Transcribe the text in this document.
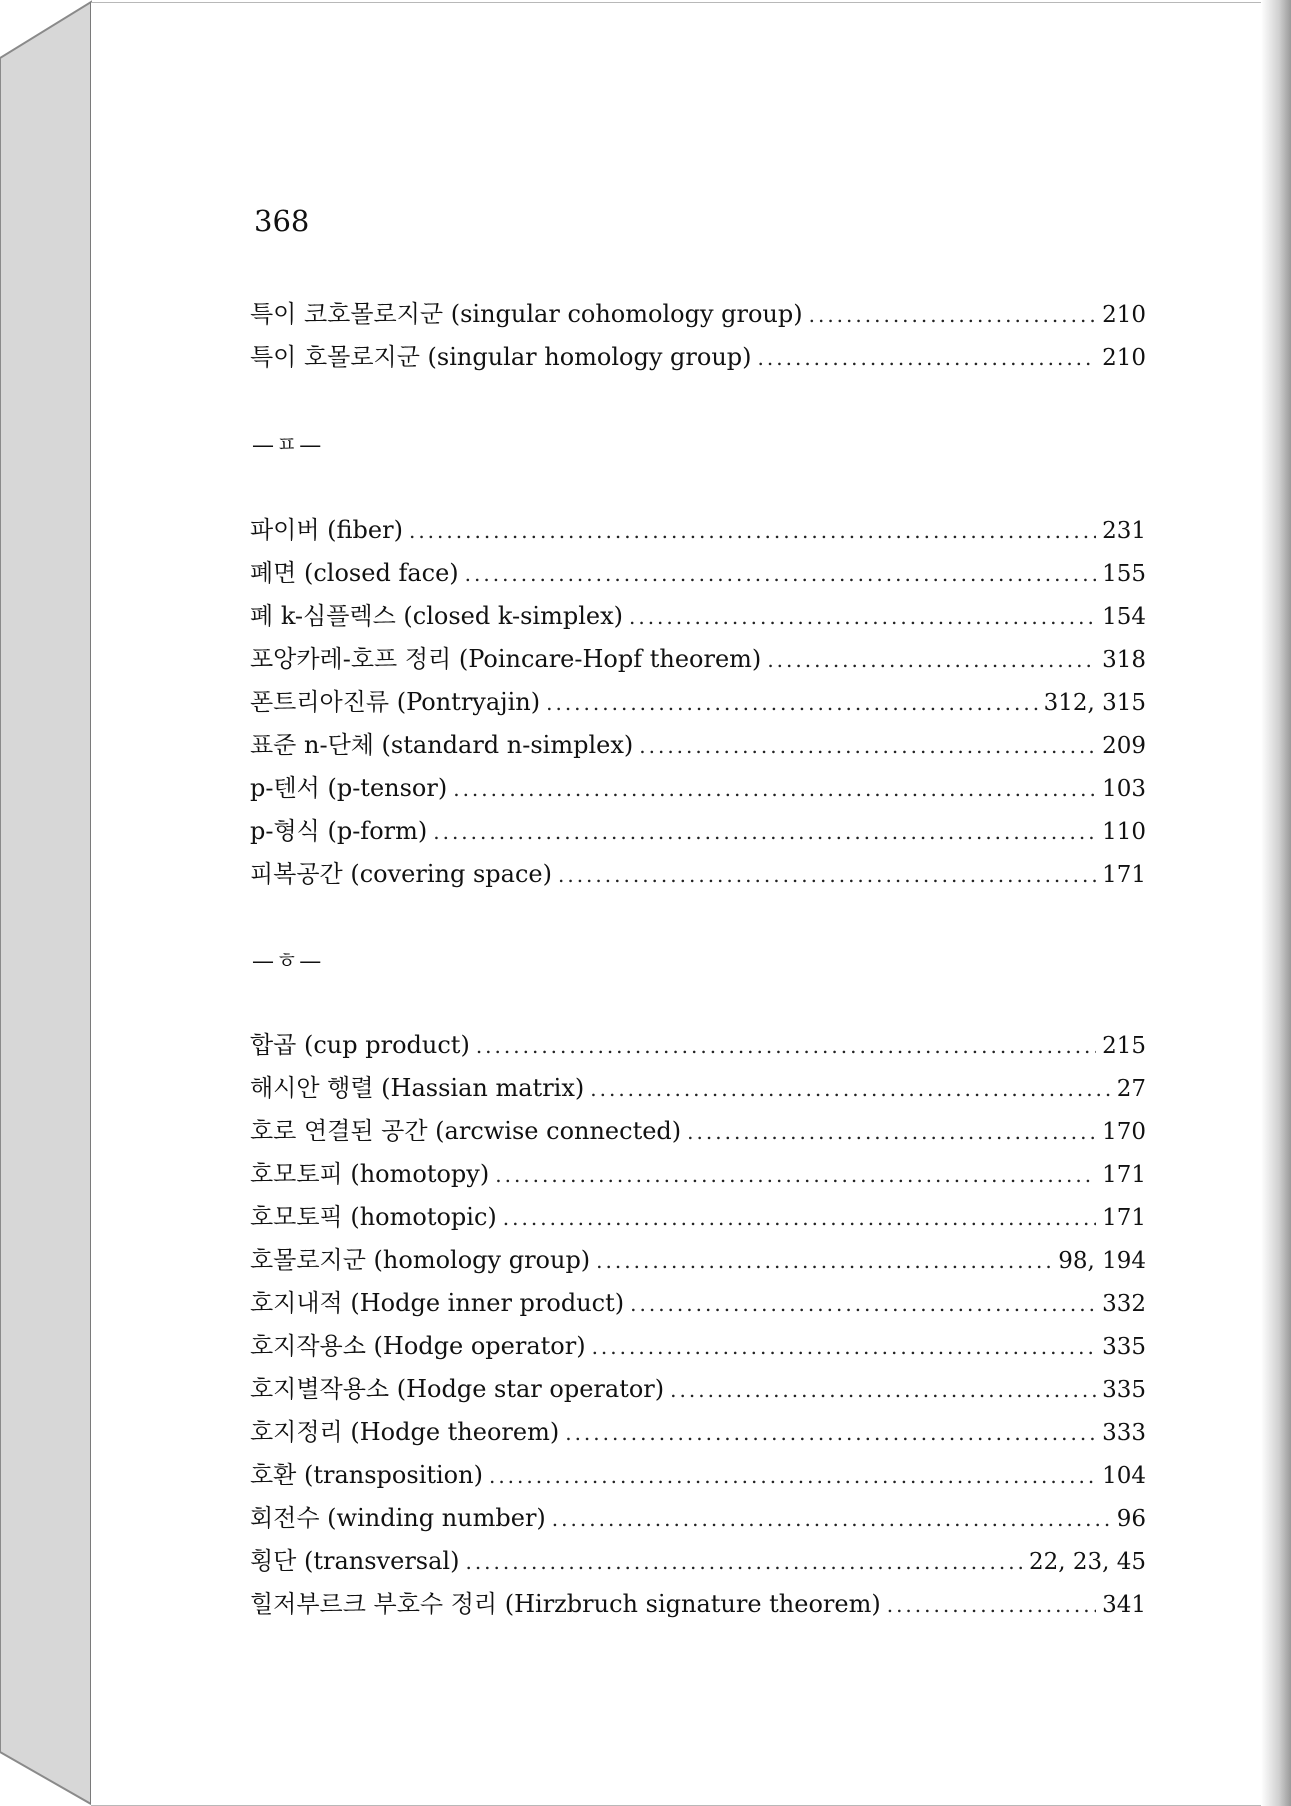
368
특이 코호몰로지군 (singular cohomology group) .....	210
특이 호몰로지군 (singular homology group) .....	210
—ㅍ—
파이버 (fiber) .....	231
폐면 (closed face) .....	155
폐 k-심플렉스 (closed k-simplex) .....	154
포앙카레-호프 정리 (Poincare-Hopf theorem) .....	318
폰트리아진류 (Pontryajin) .....	312, 315
표준 n-단체 (standard n-simplex) .....	209
p-텐서 (p-tensor) .....	103
p-형식 (p-form) .....	110
피복공간 (covering space) .....	171
—ㅎ—
합곱 (cup product) .....	215
해시안 행렬 (Hassian matrix) .....	27
호로 연결된 공간 (arcwise connected) .....	170
호모토피 (homotopy) .....	171
호모토픽 (homotopic) .....	171
호몰로지군 (homology group) .....	98, 194
호지내적 (Hodge inner product) .....	332
호지작용소 (Hodge operator) .....	335
호지별작용소 (Hodge star operator) .....	335
호지정리 (Hodge theorem) .....	333
호환 (transposition) .....	104
회전수 (winding number) .....	96
횡단 (transversal) .....	22, 23, 45
힐저부르크 부호수 정리 (Hirzbruch signature theorem) .....	341
